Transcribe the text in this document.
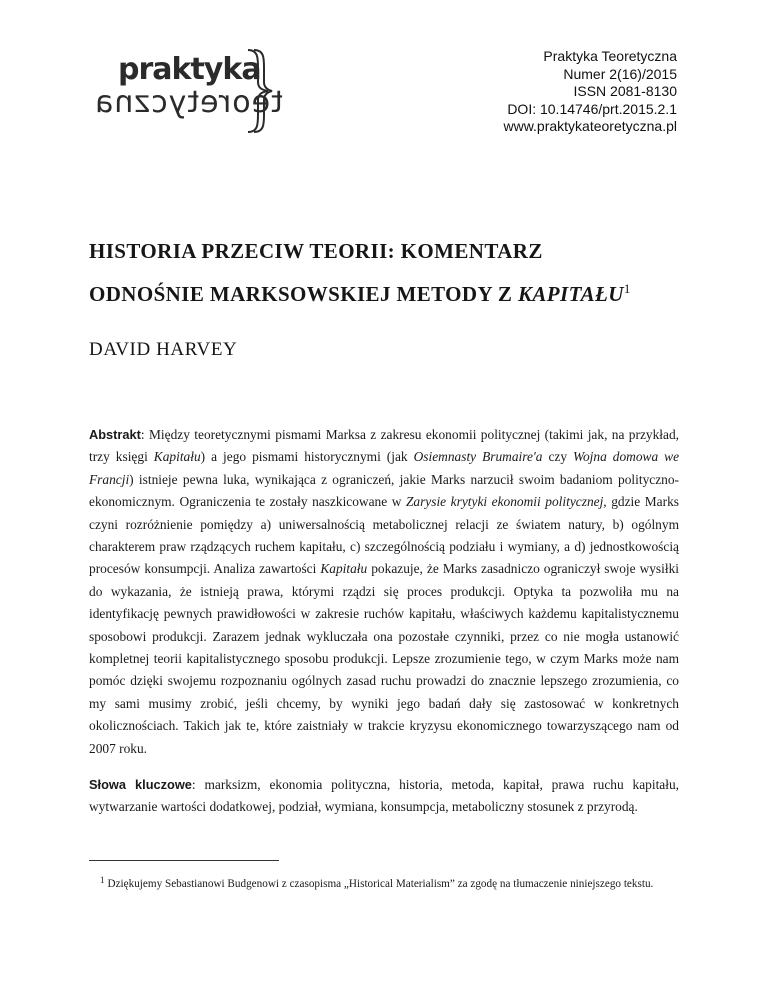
praktyka
teoretyczna
Praktyka Teoretyczna
Numer 2(16)/2015
ISSN 2081-8130
DOI: 10.14746/prt.2015.2.1
www.praktykateoretyczna.pl
HISTORIA PRZECIW TEORII: KOMENTARZ
ODNOŚNIE MARKSOWSKIEJ METODY Z KAPITAŁU$^1$
DAVID HARVEY
Abstrakt: Między teoretycznymi pismami Marksa z zakresu ekonomii politycznej (takimi jak, na przykład, trzy księgi Kapitału) a jego pismami historycznymi (jak Osiemnasty Brumaire'a czy Wojna domowa we Francji) istnieje pewna luka, wynikająca z ograniczeń, jakie Marks narzucił swoim badaniom polityczno-ekonomicznym. Ograniczenia te zostały naszkicowane w Zarysie krytyki ekonomii politycznej, gdzie Marks czyni rozróżnienie pomiędzy a) uniwersalnością metabolicznej relacji ze światem natury, b) ogólnym charakterem praw rządzących ruchem kapitału, c) szczególnością podziału i wymiany, a d) jednostkowością procesów konsumpcji. Analiza zawartości Kapitału pokazuje, że Marks zasadniczo ograniczył swoje wysiłki do wykazania, że istnieją prawa, którymi rządzi się proces produkcji. Optyka ta pozwoliła mu na identyfikację pewnych prawidłowości w zakresie ruchów kapitału, właściwych każdemu kapitalistycznemu sposobowi produkcji. Zarazem jednak wykluczała ona pozostałe czynniki, przez co nie mogła ustanowić kompletnej teorii kapitalistycznego sposobu produkcji. Lepsze zrozumienie tego, w czym Marks może nam pomóc dzięki swojemu rozpoznaniu ogólnych zasad ruchu prowadzi do znacznie lepszego zrozumienia, co my sami musimy zrobić, jeśli chcemy, by wyniki jego badań dały się zastosować w konkretnych okolicznościach. Takich jak te, które zaistniały w trakcie kryzysu ekonomicznego towarzyszącego nam od 2007 roku.
Słowa kluczowe: marksizm, ekonomia polityczna, historia, metoda, kapitał, prawa ruchu kapitału, wytwarzanie wartości dodatkowej, podział, wymiana, konsumpcja, metaboliczny stosunek z przyrodą.
$^1$ Dziękujemy Sebastianowi Budgenowi z czasopisma „Historical Materialism” za zgodę na tłumaczenie niniejszego tekstu.
